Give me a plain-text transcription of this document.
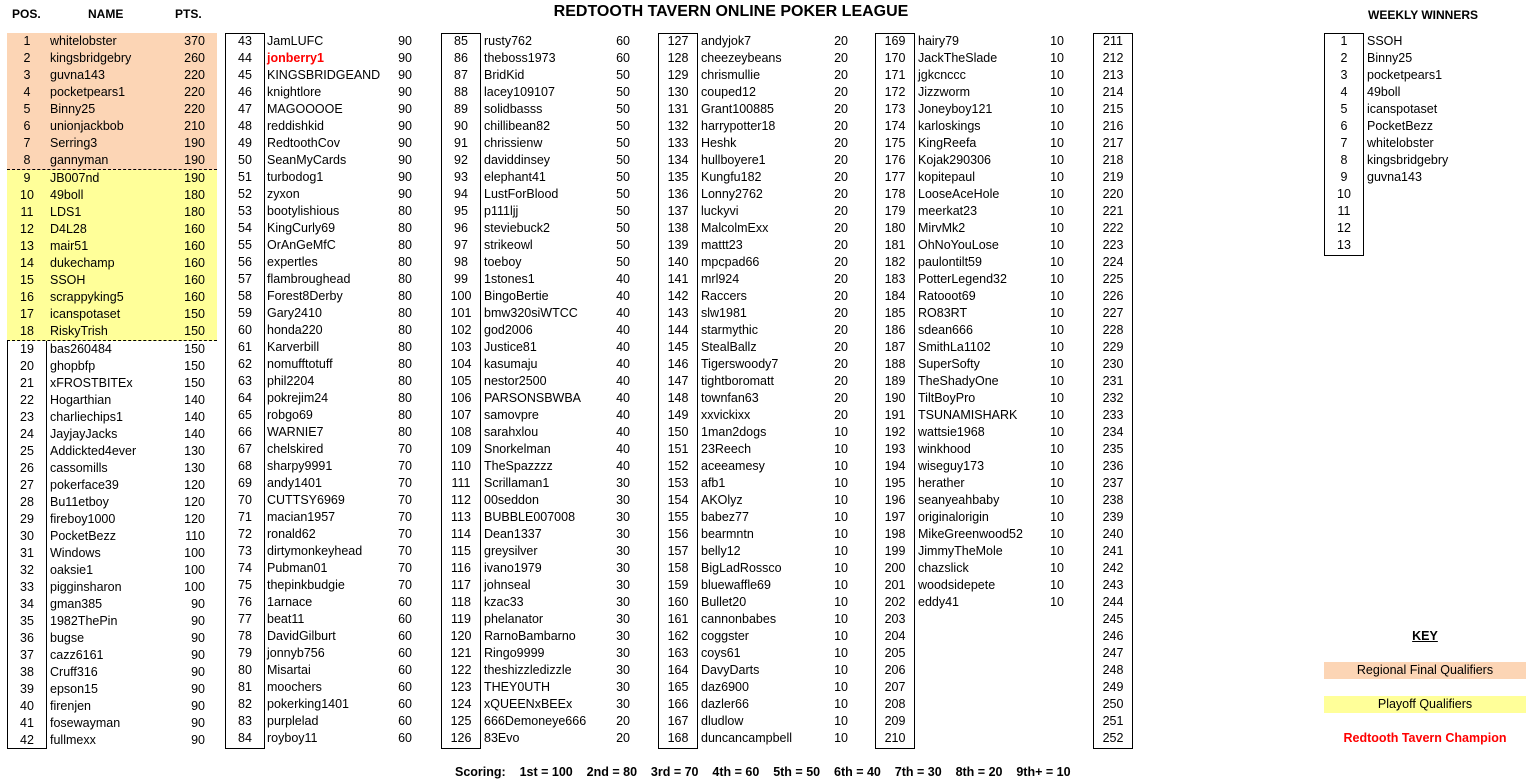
POS.	NAME	PTS.	REDTOOTH TAVERN ONLINE POKER LEAGUE	WEEKLY WINNERS
1	whitelobster	370
2	kingsbridgebry	260
3	guvna143	220
4	pocketpears1	220
5	Binny25	220
6	unionjackbob	210
7	Serring3	190
8	gannyman	190
9	JB007nd	190
10	49boll	180
11	LDS1	180
12	D4L28	160
13	mair51	160
14	dukechamp	160
15	SSOH	160
16	scrappyking5	160
17	icanspotaset	150
18	RiskyTrish	150
19	bas260484	150
20	ghopbfp	150
21	xFROSTBITEx	150
22	Hogarthian	140
23	charliechips1	140
24	JayjayJacks	140
25	Addickted4ever	130
26	cassomills	130
27	pokerface39	120
28	Bu11etboy	120
29	fireboy1000	120
30	PocketBezz	110
31	Windows	100
32	oaksie1	100
33	pigginsharon	100
34	gman385	90
35	1982ThePin	90
36	bugse	90
37	cazz6161	90
38	Cruff316	90
39	epson15	90
40	firenjen	90
41	fosewayman	90
42	fullmexx	90
43	JamLUFC	90
44	jonberry1	90
45	KINGSBRIDGEAND	90
46	knightlore	90
47	MAGOOOOE	90
48	reddishkid	90
49	RedtoothCov	90
50	SeanMyCards	90
51	turbodog1	90
52	zyxon	90
53	bootylishious	80
54	KingCurly69	80
55	OrAnGeMfC	80
56	expertles	80
57	flambroughead	80
58	Forest8Derby	80
59	Gary2410	80
60	honda220	80
61	Karverbill	80
62	nomufftotuff	80
63	phil2204	80
64	pokrejim24	80
65	robgo69	80
66	WARNIE7	80
67	chelskired	70
68	sharpy9991	70
69	andy1401	70
70	CUTTSY6969	70
71	macian1957	70
72	ronald62	70
73	dirtymonkeyhead	70
74	Pubman01	70
75	thepinkbudgie	70
76	1arnace	60
77	beat11	60
78	DavidGilburt	60
79	jonnyb756	60
80	Misartai	60
81	moochers	60
82	pokerking1401	60
83	purplelad	60
84	royboy11	60
85	rusty762	60
86	theboss1973	60
87	BridKid	50
88	lacey109107	50
89	solidbasss	50
90	chillibean82	50
91	chrissienw	50
92	daviddinsey	50
93	elephant41	50
94	LustForBlood	50
95	p111ljj	50
96	steviebuck2	50
97	strikeowl	50
98	toeboy	50
99	1stones1	40
100	BingoBertie	40
101	bmw320siWTCC	40
102	god2006	40
103	Justice81	40
104	kasumaju	40
105	nestor2500	40
106	PARSONSBWBA	40
107	samovpre	40
108	sarahxlou	40
109	Snorkelman	40
110	TheSpazzzz	40
111	Scrillaman1	30
112	00seddon	30
113	BUBBLE007008	30
114	Dean1337	30
115	greysilver	30
116	ivano1979	30
117	johnseal	30
118	kzac33	30
119	phelanator	30
120	RarnoBambarno	30
121	Ringo9999	30
122	theshizzledizzle	30
123	THEY0UTH	30
124	xQUEENxBEEx	30
125	666Demoneye666	20
126	83Evo	20
127	andyjok7	20
128	cheezeybeans	20
129	chrismullie	20
130	couped12	20
131	Grant100885	20
132	harrypotter18	20
133	Heshk	20
134	hullboyere1	20
135	Kungfu182	20
136	Lonny2762	20
137	luckyvi	20
138	MalcolmExx	20
139	mattt23	20
140	mpcpad66	20
141	mrl924	20
142	Raccers	20
143	slw1981	20
144	starmythic	20
145	StealBallz	20
146	Tigerswoody7	20
147	tightboromatt	20
148	townfan63	20
149	xxvickixx	20
150	1man2dogs	10
151	23Reech	10
152	aceeamesy	10
153	afb1	10
154	AKOlyz	10
155	babez77	10
156	bearmntn	10
157	belly12	10
158	BigLadRossco	10
159	bluewaffle69	10
160	Bullet20	10
161	cannonbabes	10
162	coggster	10
163	coys61	10
164	DavyDarts	10
165	daz6900	10
166	dazler66	10
167	dludlow	10
168	duncancampbell	10
169	hairy79	10
170	JackTheSlade	10
171	jgkcnccc	10
172	Jizzworm	10
173	Joneyboy121	10
174	karloskings	10
175	KingReefa	10
176	Kojak290306	10
177	kopitepaul	10
178	LooseAceHole	10
179	meerkat23	10
180	MirvMk2	10
181	OhNoYouLose	10
182	paulontilt59	10
183	PotterLegend32	10
184	Ratooot69	10
185	RO83RT	10
186	sdean666	10
187	SmithLa1102	10
188	SuperSofty	10
189	TheShadyOne	10
190	TiltBoyPro	10
191	TSUNAMISHARK	10
192	wattsie1968	10
193	winkhood	10
194	wiseguy173	10
195	herather	10
196	seanyeahbaby	10
197	originalorigin	10
198	MikeGreenwood52	10
199	JimmyTheMole	10
200	chazslick	10
201	woodsidepete	10
202	eddy41	10
203
204
205
206
207
208
209
210
211
212
213
214
215
216
217
218
219
220
221
222
223
224
225
226
227
228
229
230
231
232
233
234
235
236
237
238
239
240
241
242
243
244
245
246
247
248
249
250
251
252
1	SSOH
2	Binny25
3	pocketpears1
4	49boll
5	icanspotaset
6	PocketBezz
7	whitelobster
8	kingsbridgebry
9	guvna143
10
11
12
13
KEY
Regional Final Qualifiers
Playoff Qualifiers
Redtooth Tavern Champion
Scoring:    1st = 100    2nd = 80    3rd = 70    4th = 60    5th = 50    6th = 40    7th = 30    8th = 20    9th+ = 10
